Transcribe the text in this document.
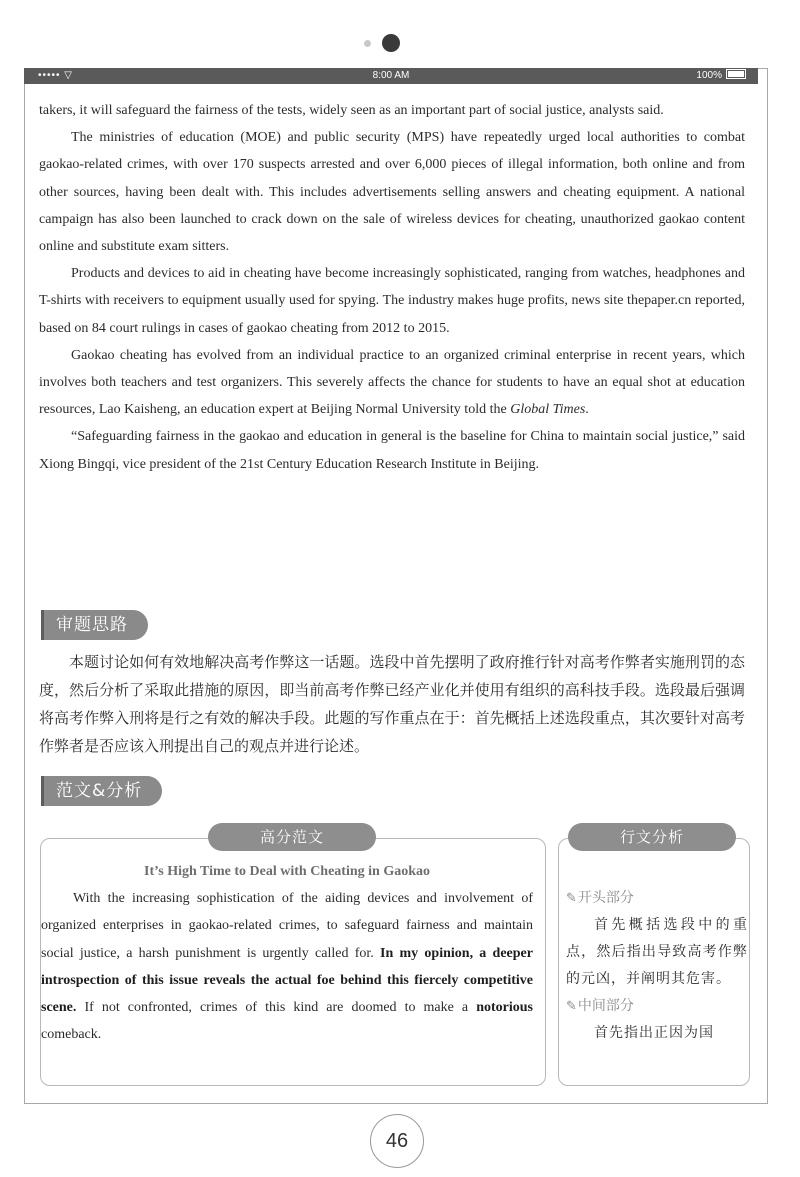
••••• ▽	8:00 AM	100%

takers, it will safeguard the fairness of the tests, widely seen as an important part of social justice, analysts said.

The ministries of education (MOE) and public security (MPS) have repeatedly urged local authorities to combat gaokao-related crimes, with over 170 suspects arrested and over 6,000 pieces of illegal information, both online and from other sources, having been dealt with. This includes advertisements selling answers and cheating equipment. A national campaign has also been launched to crack down on the sale of wireless devices for cheating, unauthorized gaokao content online and substitute exam sitters.

Products and devices to aid in cheating have become increasingly sophisticated, ranging from watches, headphones and T-shirts with receivers to equipment usually used for spying. The industry makes huge profits, news site thepaper.cn reported, based on 84 court rulings in cases of gaokao cheating from 2012 to 2015.

Gaokao cheating has evolved from an individual practice to an organized criminal enterprise in recent years, which involves both teachers and test organizers. This severely affects the chance for students to have an equal shot at education resources, Lao Kaisheng, an education expert at Beijing Normal University told the Global Times.

“Safeguarding fairness in the gaokao and education in general is the baseline for China to maintain social justice,” said Xiong Bingqi, vice president of the 21st Century Education Research Institute in Beijing.

审题思路

本题讨论如何有效地解决高考作弊这一话题。选段中首先摆明了政府推行针对高考作弊者实施刑罚的态度，然后分析了采取此措施的原因，即当前高考作弊已经产业化并使用有组织的高科技手段。选段最后强调将高考作弊入刑将是行之有效的解决手段。此题的写作重点在于：首先概括上述选段重点，其次要针对高考作弊者是否应该入刑提出自己的观点并进行论述。

范文&分析
高分范文	行文分析

It’s High Time to Deal with Cheating in Gaokao

With the increasing sophistication of the aiding devices and involvement of organized enterprises in gaokao-related crimes, to safeguard fairness and maintain social justice, a harsh punishment is urgently called for. In my opinion, a deeper introspection of this issue reveals the actual foe behind this fiercely competitive scene. If not confronted, crimes of this kind are doomed to make a notorious comeback.

✎开头部分

首先概括选段中的重点，然后指出导致高考作弊的元凶，并阐明其危害。

✎中间部分

首先指出正因为国

46
